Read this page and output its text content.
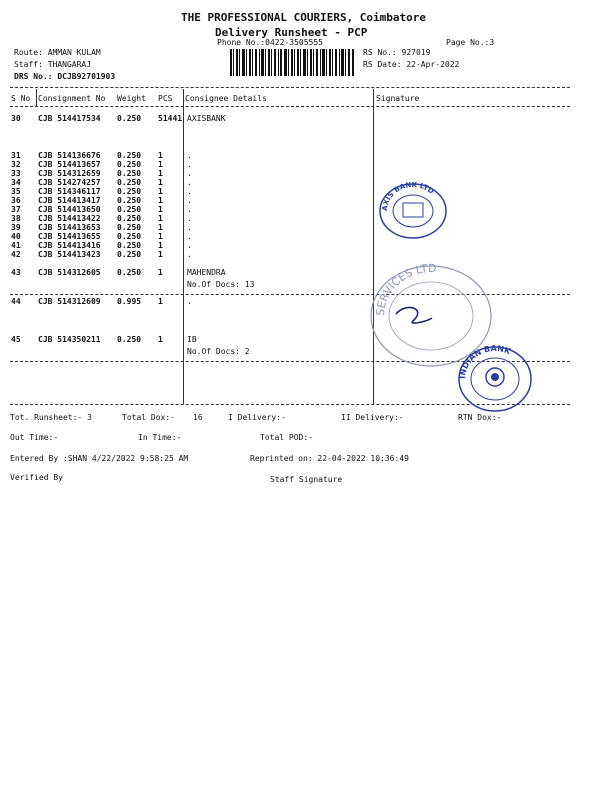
THE PROFESSIONAL COURIERS, Coimbatore
Delivery Runsheet - PCP
Phone No.:0422-3505555	Page No.:3
Route: AMMAN KULAM
Staff: THANGARAJ
DRS No.: DCJB92701903
RS No.: 927019
RS Date: 22-Apr-2022
S No Consignment No Weight PCS Consignee Details	Signature
30 CJB 514417534 0.250 51441 AXISBANK
31 CJB 514136676 0.250 1	.
32 CJB 514413657 0.250 1	.
33 CJB 514312659 0.250 1	.
34 CJB 514274257 0.250 1	.
35 CJB 514346117 0.250 1	.
36 CJB 514413417 0.250 1	.
37 CJB 514413650 0.250 1	.
38 CJB 514413422 0.250 1	.
39 CJB 514413653 0.250 1	.
40 CJB 514413655 0.250 1	.
41 CJB 514413416 0.250 1	.
42 CJB 514413423 0.250 1	.
43 CJB 514312605 0.250 1	MAHENDRA
No.Of Docs: 13
44 CJB 514312609 0.995 1	.
45 CJB 514350211 0.250 1	IB
No.Of Docs: 2
AXIS BANK LTD
SERVICES LTD
INDIAN BANK
Tot. Runsheet:- 3	Total Dox:- 16	I Delivery:-	II Delivery:-	RTN Dox:-
Out Time:-	In Time:-	Total POD:-
Entered By :SHAN 4/22/2022 9:58:25 AM	Reprinted on: 22-04-2022 10:36:49
Verified By	Staff Signature
